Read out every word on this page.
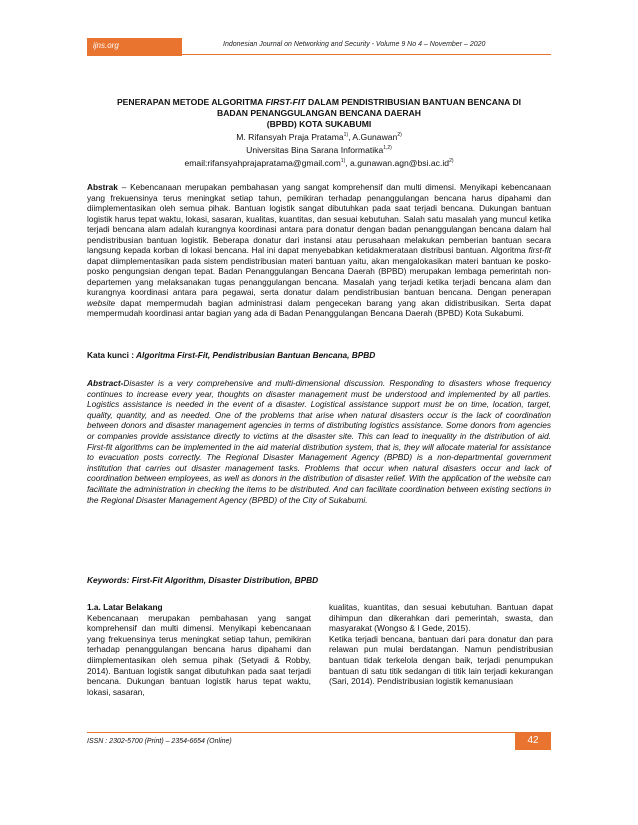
ijns.org	Indonesian Journal on Networking and Security - Volume 9 No 4 – November – 2020

PENERAPAN METODE ALGORITMA FIRST-FIT DALAM PENDISTRIBUSIAN BANTUAN BENCANA DI

BADAN PENANGGULANGAN BENCANA DAERAH

(BPBD) KOTA SUKABUMI

M. Rifansyah Praja Pratama$^{1)}$, A.Gunawan$^{2)}$

Universitas Bina Sarana Informatika$^{1,2)}$

email:rifansyahprajapratama@gmail.com$^{1)}$, $a.gunawan.agn@bsi.ac.id^{2)}$

Abstrak – Kebencanaan merupakan pembahasan yang sangat komprehensif dan multi dimensi. Menyikapi kebencanaan yang frekuensinya terus meningkat setiap tahun, pemikiran terhadap penanggulangan bencana harus dipahami dan diimplementasikan oleh semua pihak. Bantuan logistik sangat dibutuhkan pada saat terjadi bencana. Dukungan bantuan logistik harus tepat waktu, lokasi, sasaran, kualitas, kuantitas, dan sesuai kebutuhan. Salah satu masalah yang muncul ketika terjadi bencana alam adalah kurangnya koordinasi antara para donatur dengan badan penanggulangan bencana dalam hal pendistribusian bantuan logistik. Beberapa donatur dari instansi atau perusahaan melakukan pemberian bantuan secara langsung kepada korban di lokasi bencana. Hal ini dapat menyebabkan ketidakmerataan distribusi bantuan. Algoritma first-fit dapat diimplementasikan pada sistem pendistribusian materi bantuan yaitu, akan mengalokasikan materi bantuan ke posko-posko pengungsian dengan tepat. Badan Penanggulangan Bencana Daerah (BPBD) merupakan lembaga pemerintah non-departemen yang melaksanakan tugas penanggulangan bencana. Masalah yang terjadi ketika terjadi bencana alam dan kurangnya koordinasi antara para pegawai, serta donatur dalam pendistribusian bantuan bencana. Dengan penerapan website dapat mempermudah bagian administrasi dalam pengecekan barang yang akan didistribusikan. Serta dapat mempermudah koordinasi antar bagian yang ada di Badan Penanggulangan Bencana Daerah (BPBD) Kota Sukabumi.

Kata kunci : Algoritma First-Fit, Pendistribusian Bantuan Bencana, BPBD

Abstract-Disaster is a very comprehensive and multi-dimensional discussion. Responding to disasters whose frequency continues to increase every year, thoughts on disaster management must be understood and implemented by all parties. Logistics assistance is needed in the event of a disaster. Logistical assistance support must be on time, location, target, quality, quantity, and as needed. One of the problems that arise when natural disasters occur is the lack of coordination between donors and disaster management agencies in terms of distributing logistics assistance. Some donors from agencies or companies provide assistance directly to victims at the disaster site. This can lead to inequality in the distribution of aid. First-fit algorithms can be implemented in the aid material distribution system, that is, they will allocate material for assistance to evacuation posts correctly. The Regional Disaster Management Agency (BPBD) is a non-departmental government institution that carries out disaster management tasks. Problems that occur when natural disasters occur and lack of coordination between employees, as well as donors in the distribution of disaster relief. With the application of the website can facilitate the administration in checking the items to be distributed. And can facilitate coordination between existing sections in the Regional Disaster Management Agency (BPBD) of the City of Sukabumi.

Keywords: First-Fit Algorithm, Disaster Distribution, BPBD

1.a. Latar Belakang

Kebencanaan merupakan pembahasan yang sangat komprehensif dan multi dimensi. Menyikapi kebencanaan yang frekuensinya terus meningkat setiap tahun, pemikiran terhadap penanggulangan bencana harus dipahami dan diimplementasikan oleh semua pihak (Setyadi & Robby, 2014). Bantuan logistik sangat dibutuhkan pada saat terjadi bencana. Dukungan bantuan logistik harus tepat waktu, lokasi, sasaran,

kualitas, kuantitas, dan sesuai kebutuhan. Bantuan dapat dihimpun dan dikerahkan dari pemerintah, swasta, dan masyarakat (Wongso & I Gede, 2015).

Ketika terjadi bencana, bantuan dari para donatur dan para relawan pun mulai berdatangan. Namun pendistribusian bantuan tidak terkelola dengan baik, terjadi penumpukan bantuan di satu titik sedangan di titik lain terjadi kekurangan (Sari, 2014). Pendistribusian logistik kemanusiaan

ISSN : 2302-5700 (Print) – 2354-6654 (Online)	42
